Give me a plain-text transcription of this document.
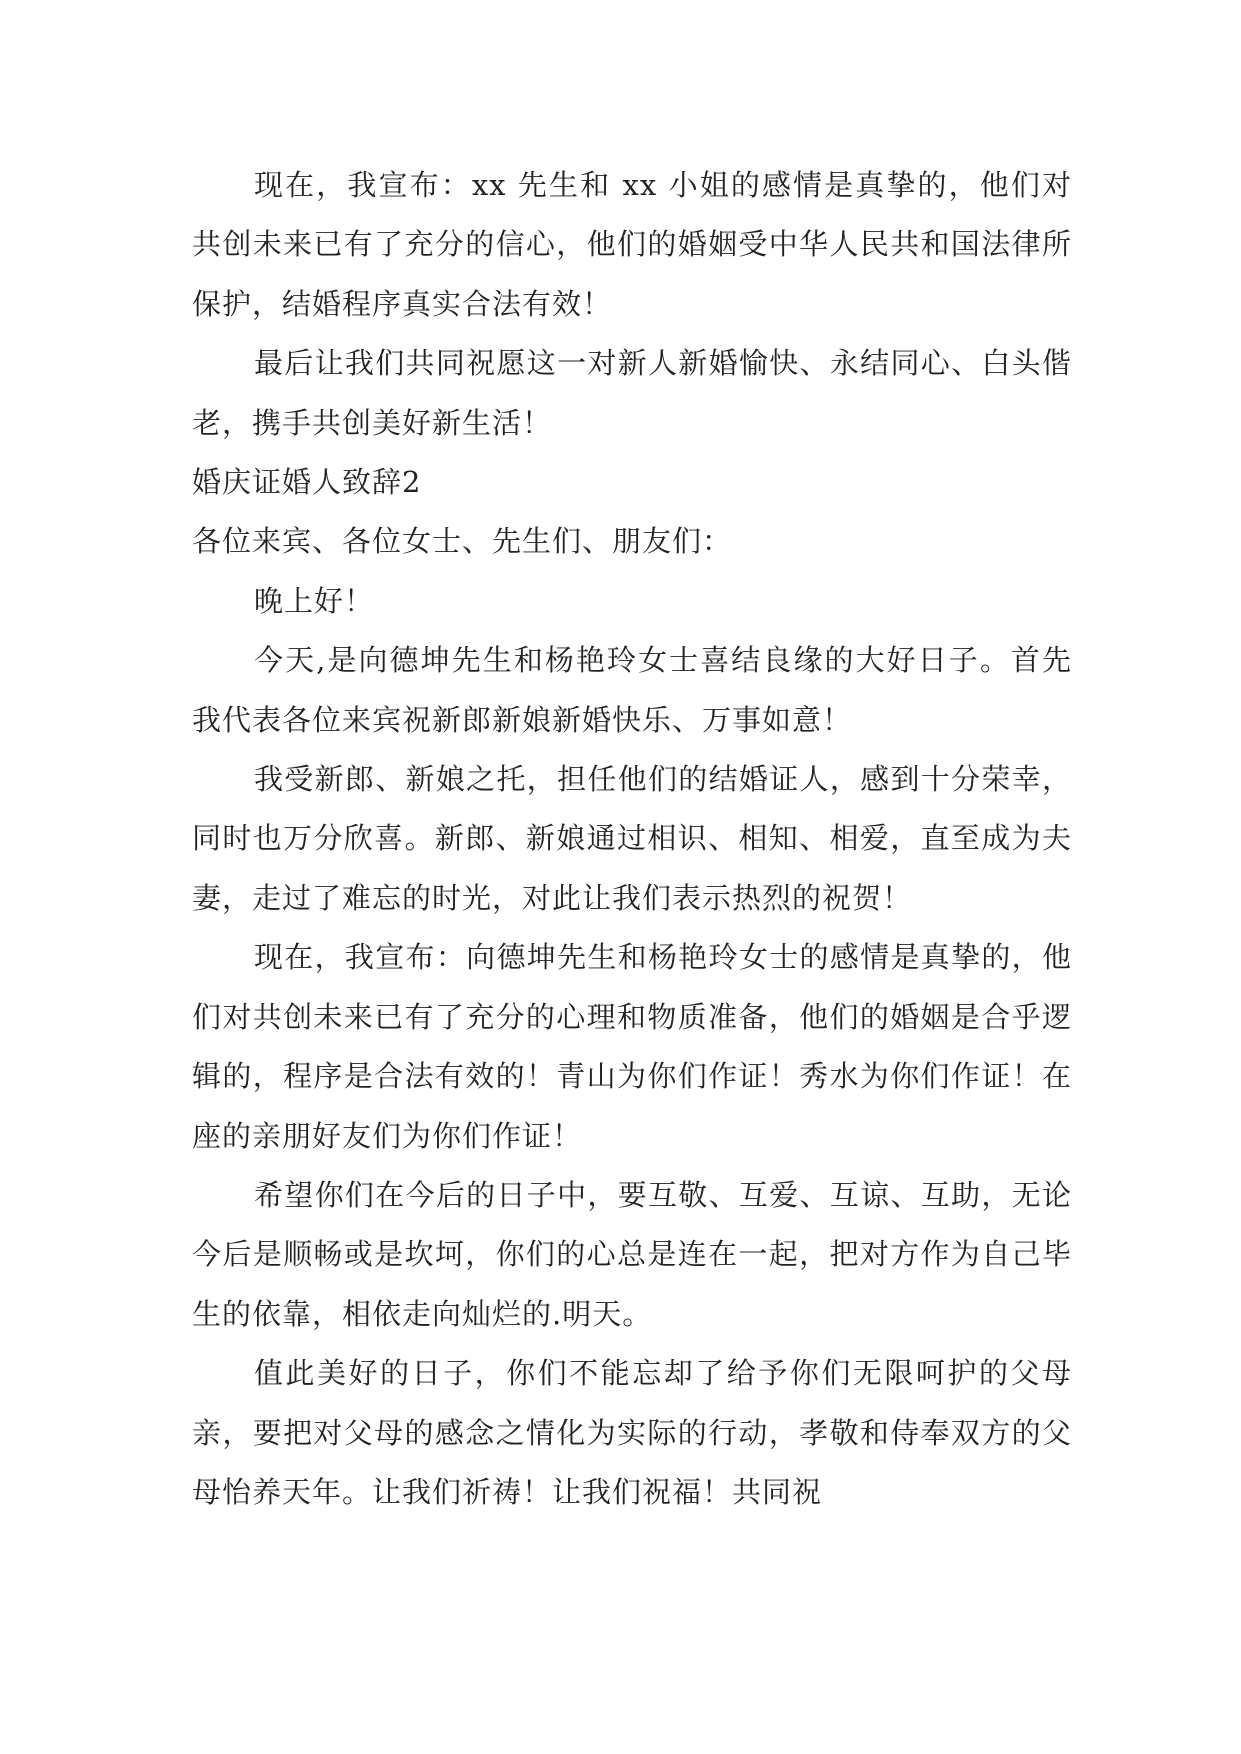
现在，我宣布：xx 先生和 xx 小姐的感情是真挚的，他们对共创未来已有了充分的信心，他们的婚姻受中华人民共和国法律所保护，结婚程序真实合法有效！

最后让我们共同祝愿这一对新人新婚愉快、永结同心、白头偕老，携手共创美好新生活！

婚庆证婚人致辞2

各位来宾、各位女士、先生们、朋友们：

晚上好！

今天,是向德坤先生和杨艳玲女士喜结良缘的大好日子。首先我代表各位来宾祝新郎新娘新婚快乐、万事如意！

我受新郎、新娘之托，担任他们的结婚证人，感到十分荣幸，同时也万分欣喜。新郎、新娘通过相识、相知、相爱，直至成为夫妻，走过了难忘的时光，对此让我们表示热烈的祝贺！

现在，我宣布：向德坤先生和杨艳玲女士的感情是真挚的，他们对共创未来已有了充分的心理和物质准备，他们的婚姻是合乎逻辑的，程序是合法有效的！青山为你们作证！秀水为你们作证！在座的亲朋好友们为你们作证！

希望你们在今后的日子中，要互敬、互爱、互谅、互助，无论今后是顺畅或是坎坷，你们的心总是连在一起，把对方作为自己毕生的依靠，相依走向灿烂的.明天。

值此美好的日子，你们不能忘却了给予你们无限呵护的父母亲，要把对父母的感念之情化为实际的行动，孝敬和侍奉双方的父母怡养天年。让我们祈祷！让我们祝福！共同祝
